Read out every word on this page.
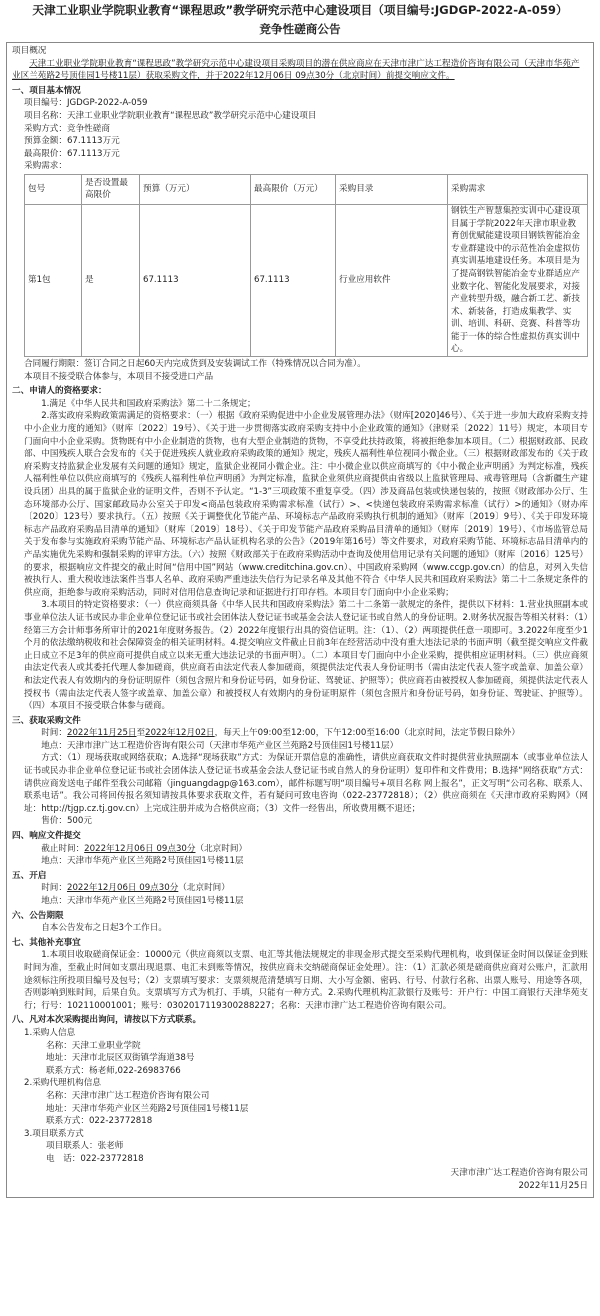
天津工业职业学院职业教育“课程思政”教学研究示范中心建设项目（项目编号:JGDGP-2022-A-059）
竞争性磋商公告
项目概况
天津工业职业学院职业教育“课程思政”教学研究示范中心建设项目采购项目的潜在供应商应在天津市津广达工程造价咨询有限公司（天津市华苑产业区兰苑路2号顶佳园1号楼11层）获取采购文件，并于2022年12月06日 09点30分（北京时间）前提交响应文件。
一、项目基本情况
项目编号：JGDGP-2022-A-059
项目名称：天津工业职业学院职业教育“课程思政”教学研究示范中心建设项目
采购方式：竞争性磋商
预算金额：67.1113万元
最高限价：67.1113万元
采购需求：
包号	是否设置最高限价	预算（万元）	最高限价（万元）	采购目录	采购需求
第1包	是	67.1113	67.1113	行业应用软件	钢铁生产智慧集控实训中心建设项目属于学院2022年天津市职业教育创优赋能建设项目钢铁智能冶金专业群建设中的示范性冶金虚拟仿真实训基地建设任务。本项目是为了提高钢铁智能冶金专业群适应产业数字化、智能化发展要求，对接产业转型升级，融合新工艺、新技术、新装备，打造成集教学、实训、培训、科研、竞赛、科普等功能于一体的综合性虚拟仿真实训中心。
合同履行期限：签订合同之日起60天内完成货到及安装调试工作（特殊情况以合同为准）。
本项目不接受联合体参与，本项目不接受进口产品
二、申请人的资格要求：
1.满足《中华人民共和国政府采购法》第二十二条规定；
2.落实政府采购政策需满足的资格要求：（一）根据《政府采购促进中小企业发展管理办法》（财库[2020]46号）、《关于进一步加大政府采购支持中小企业力度的通知》（财库〔2022〕19号）、《关于进一步贯彻落实政府采购支持中小企业政策的通知》（津财采〔2022〕11号）规定，本项目专门面向中小企业采购。货物既有中小企业制造的货物，也有大型企业制造的货物，不享受此扶持政策，将被拒绝参加本项目。（二）根据财政部、民政部、中国残疾人联合会发布的《关于促进残疾人就业政府采购政策的通知》规定，残疾人福利性单位视同小微企业。（三）根据财政部发布的《关于政府采购支持监狱企业发展有关问题的通知》规定，监狱企业视同小微企业。注：中小微企业以供应商填写的《中小微企业声明函》为判定标准，残疾人福利性单位以供应商填写的《残疾人福利性单位声明函》为判定标准，监狱企业须供应商提供由省级以上监狱管理局、戒毒管理局（含新疆生产建设兵团）出具的属于监狱企业的证明文件，否则不予认定。“1-3”三项政策不重复享受。（四）涉及商品包装或快递包装的，按照《财政部办公厅、生态环境部办公厅、国家邮政局办公室关于印发<商品包装政府采购需求标准（试行）>、<快递包装政府采购需求标准（试行）>的通知》（财办库〔2020〕123号）要求执行。（五）按照《关于调整优化节能产品、环境标志产品政府采购执行机制的通知》（财库〔2019〕9号）、《关于印发环境标志产品政府采购品目清单的通知》（财库〔2019〕18号）、《关于印发节能产品政府采购品目清单的通知》（财库〔2019〕19号）、《市场监管总局关于发布参与实施政府采购节能产品、环境标志产品认证机构名录的公告》（2019年第16号）等文件要求，对政府采购节能、环境标志品目清单内的产品实施优先采购和强制采购的评审方法。（六）按照《财政部关于在政府采购活动中查询及使用信用记录有关问题的通知》（财库〔2016〕125号）的要求，根据响应文件提交的截止时间“信用中国”网站（www.creditchina.gov.cn）、中国政府采购网（www.ccgp.gov.cn）的信息，对列入失信被执行人、重大税收违法案件当事人名单、政府采购严重违法失信行为记录名单及其他不符合《中华人民共和国政府采购法》第二十二条规定条件的供应商，拒绝参与政府采购活动，同时对信用信息查询记录和证据进行打印存档。本项目专门面向中小企业采购；
3.本项目的特定资格要求：（一）供应商须具备《中华人民共和国政府采购法》第二十二条第一款规定的条件，提供以下材料：1.营业执照副本或事业单位法人证书或民办非企业单位登记证书或社会团体法人登记证书或基金会法人登记证书或自然人的身份证明。2.财务状况报告等相关材料：（1）经第三方会计师事务所审计的2021年度财务报告。（2）2022年度银行出具的资信证明。注：（1）、（2）两项提供任意一项即可。3.2022年度至少1个月的依法缴纳税收和社会保障资金的相关证明材料。4.提交响应文件截止日前3年在经营活动中没有重大违法记录的书面声明（截至提交响应文件截止日成立不足3年的供应商可提供自成立以来无重大违法记录的书面声明）。（二）本项目专门面向中小企业采购，提供相应证明材料。（三）供应商须由法定代表人或其委托代理人参加磋商，供应商若由法定代表人参加磋商，须提供法定代表人身份证明书（需由法定代表人签字或盖章、加盖公章）和法定代表人有效期内的身份证明原件（须包含照片和身份证号码，如身份证、驾驶证、护照等）；供应商若由被授权人参加磋商，须提供法定代表人授权书（需由法定代表人签字或盖章、加盖公章）和被授权人有效期内的身份证明原件（须包含照片和身份证号码，如身份证、驾驶证、护照等）。（四）本项目不接受联合体参与磋商。
三、获取采购文件
时间：2022年11月25日至2022年12月02日，每天上午09:00至12:00，下午12:00至16:00（北京时间，法定节假日除外）
地点：天津市津广达工程造价咨询有限公司（天津市华苑产业区兰苑路2号顶佳园1号楼11层）
方式：（1）现场获取或网络获取；A.选择“现场获取”方式：为保证开票信息的准确性，请供应商获取文件时提供营业执照副本（或事业单位法人证书或民办非企业单位登记证书或社会团体法人登记证书或基金会法人登记证书或自然人的身份证明）复印件和文件费用；B.选择“网络获取”方式：请供应商发送电子邮件至我公司邮箱（jinguangdagp@163.com），邮件标题写明“项目编号+项目名称 网上报名”，正文写明“公司名称、联系人、联系电话”。我公司将回传报名须知请按具体要求获取文件，若有疑问可致电咨询（022-23772818）；（2）供应商须在《天津市政府采购网》（网址：http://tjgp.cz.tj.gov.cn）上完成注册并成为合格供应商；（3）文件一经售出，所收费用概不退还；
售价：500元
四、响应文件提交
截止时间：2022年12月06日 09点30分（北京时间）
地点：天津市华苑产业区兰苑路2号顶佳园1号楼11层
五、开启
时间：2022年12月06日 09点30分（北京时间）
地点：天津市华苑产业区兰苑路2号顶佳园1号楼11层
六、公告期限
自本公告发布之日起3个工作日。
七、其他补充事宜
1.本项目收取磋商保证金：10000元（供应商须以支票、电汇等其他法规规定的非现金形式提交至采购代理机构，收到保证金时间以保证金到账时间为准，至截止时间如支票出现退票、电汇未到账等情况，按供应商未交纳磋商保证金处理）。注：（1）汇款必须是磋商供应商对公账户，汇款用途须标注所投项目编号及包号；（2）支票填写要求：支票须规范清楚填写日期、大小写金额、密码、行号、付款行名称、出票人账号、用途等各项，否则影响到账时间，后果自负。支票填写方式为机打、手填，只能有一种方式。2.采购代理机构汇款银行及账号：开户行：中国工商银行天津华苑支行；行号：102110001001；账号：0302017119300288227；名称：天津市津广达工程造价咨询有限公司。
八、凡对本次采购提出询问，请按以下方式联系。
1.采购人信息
名称：天津工业职业学院
地址：天津市北辰区双街镇学海道38号
联系方式：杨老师,022-26983766
2.采购代理机构信息
名称：天津市津广达工程造价咨询有限公司
地址：天津市华苑产业区兰苑路2号顶佳园1号楼11层
联系方式：022-23772818
3.项目联系方式
项目联系人：张老师
电　话：022-23772818
天津市津广达工程造价咨询有限公司
2022年11月25日
